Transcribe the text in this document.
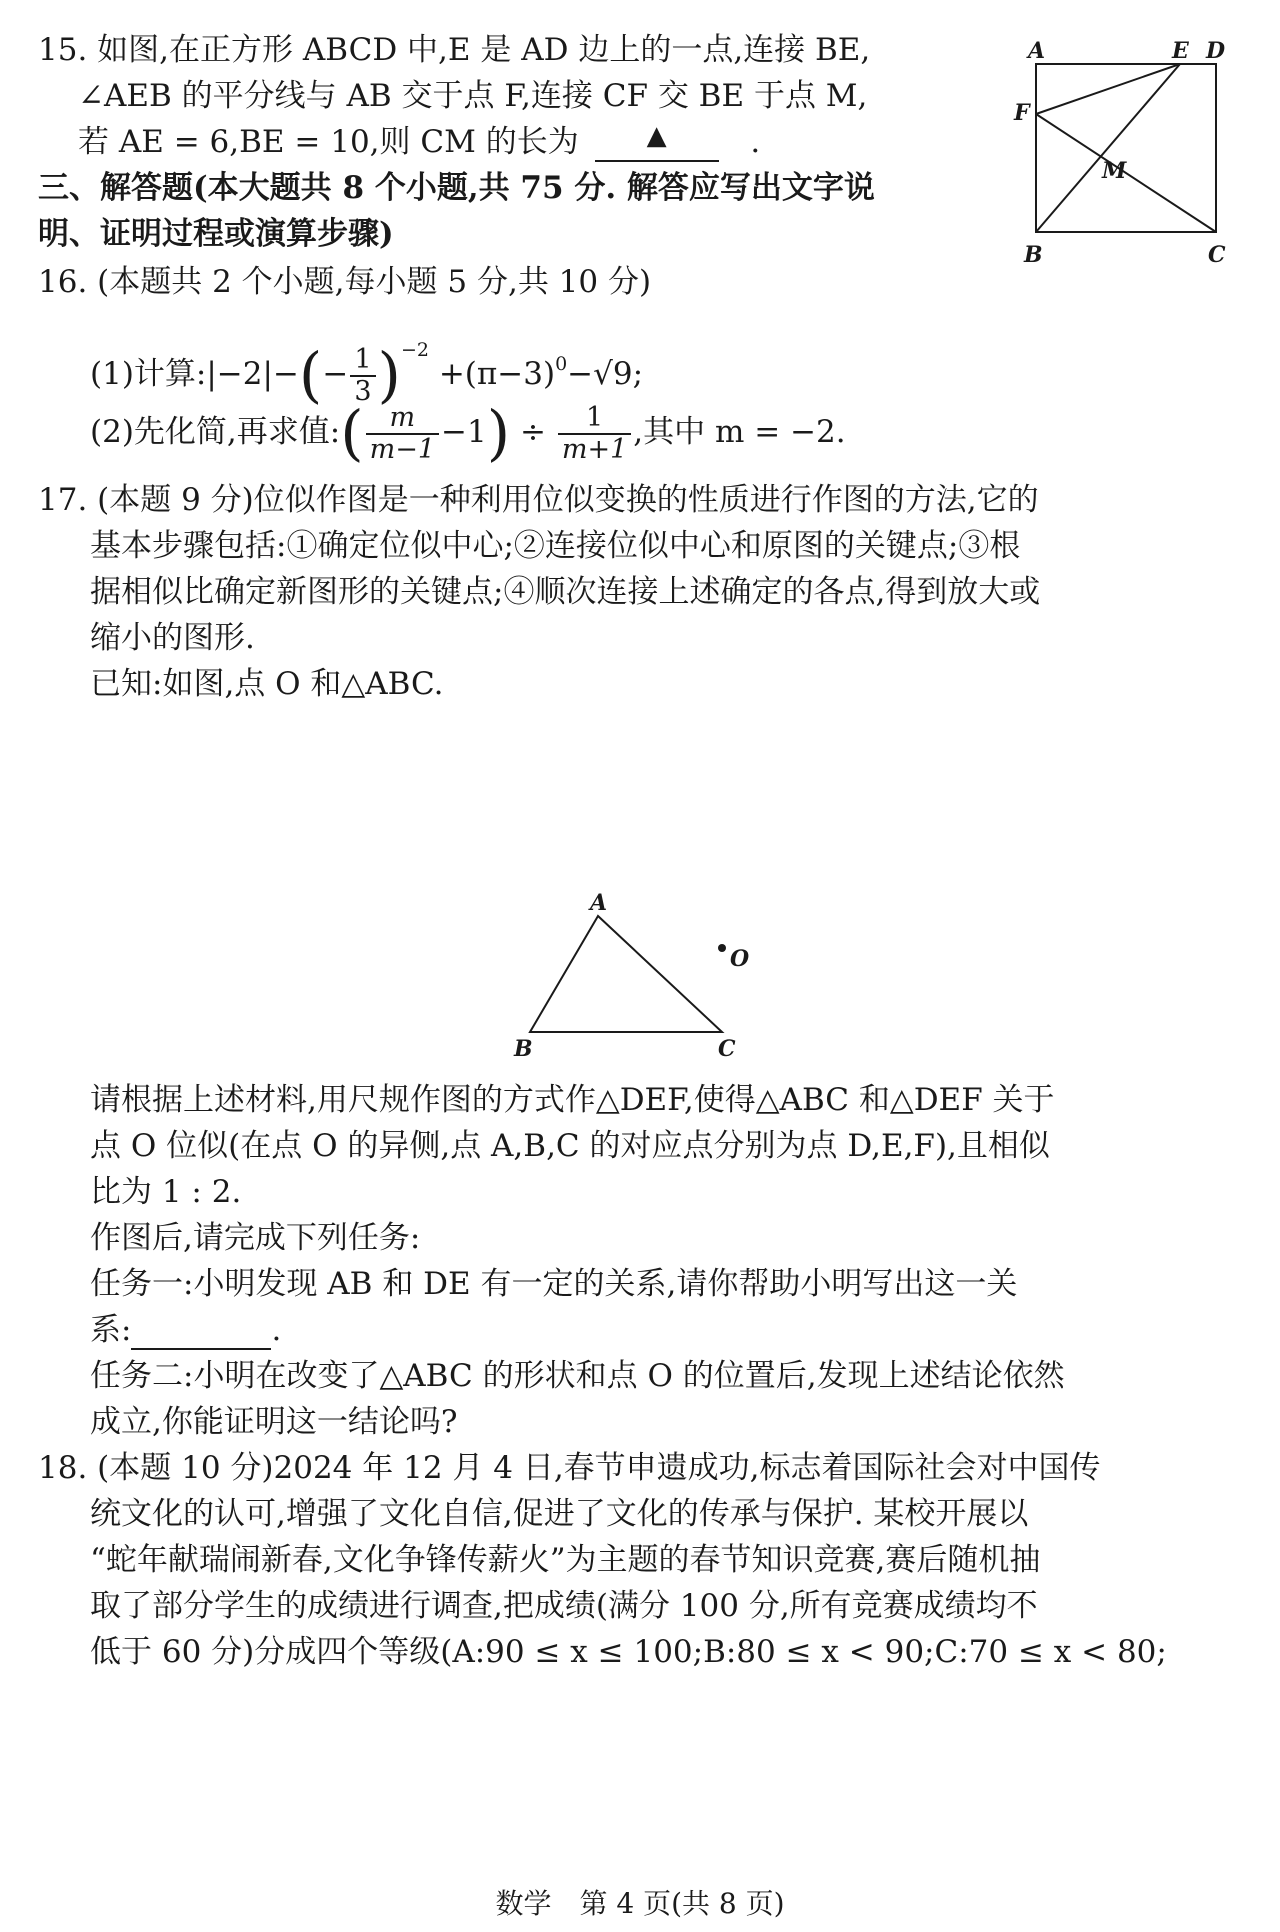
15. 如图,在正方形 ABCD 中,E 是 AD 边上的一点,连接 BE,
∠AEB 的平分线与 AB 交于点 F,连接 CF 交 BE 于点 M,
若 AE = 6,BE = 10,则 CM 的长为	▲	.
A	E D
F
M
B	C
三、解答题(本大题共 8 个小题,共 75 分. 解答应写出文字说
明、证明过程或演算步骤)
16. (本题共 2 个小题,每小题 5 分,共 10 分)
(1)计算:|−2|−(− $\frac{1}{3} )^{-2} +(\pi-3)^0-√9$;
(2)先化简,再求值:( $\frac{m}{m-1} -1) \div \frac{1}{m+1}$ ,其中 m = −2.
17. (本题 9 分)位似作图是一种利用位似变换的性质进行作图的方法,它的
基本步骤包括:①确定位似中心;②连接位似中心和原图的关键点;③根
据相似比确定新图形的关键点;④顺次连接上述确定的各点,得到放大或
缩小的图形.
已知:如图,点 O 和△ABC.
A
B	C
O
请根据上述材料,用尺规作图的方式作△DEF,使得△ABC 和△DEF 关于
点 O 位似(在点 O 的异侧,点 A,B,C 的对应点分别为点 D,E,F),且相似
比为 1 : 2.
作图后,请完成下列任务:
任务一:小明发现 AB 和 DE 有一定的关系,请你帮助小明写出这一关
系:	.
任务二:小明在改变了△ABC 的形状和点 O 的位置后,发现上述结论依然
成立,你能证明这一结论吗?
18. (本题 10 分)2024 年 12 月 4 日,春节申遗成功,标志着国际社会对中国传
统文化的认可,增强了文化自信,促进了文化的传承与保护. 某校开展以
“蛇年献瑞闹新春,文化争锋传薪火”为主题的春节知识竞赛,赛后随机抽
取了部分学生的成绩进行调查,把成绩(满分 100 分,所有竞赛成绩均不
低于 60 分)分成四个等级(A:90 ≤ x ≤ 100;B:80 ≤ x < 90;C:70 ≤ x < 80;
数学　第 4 页(共 8 页)
